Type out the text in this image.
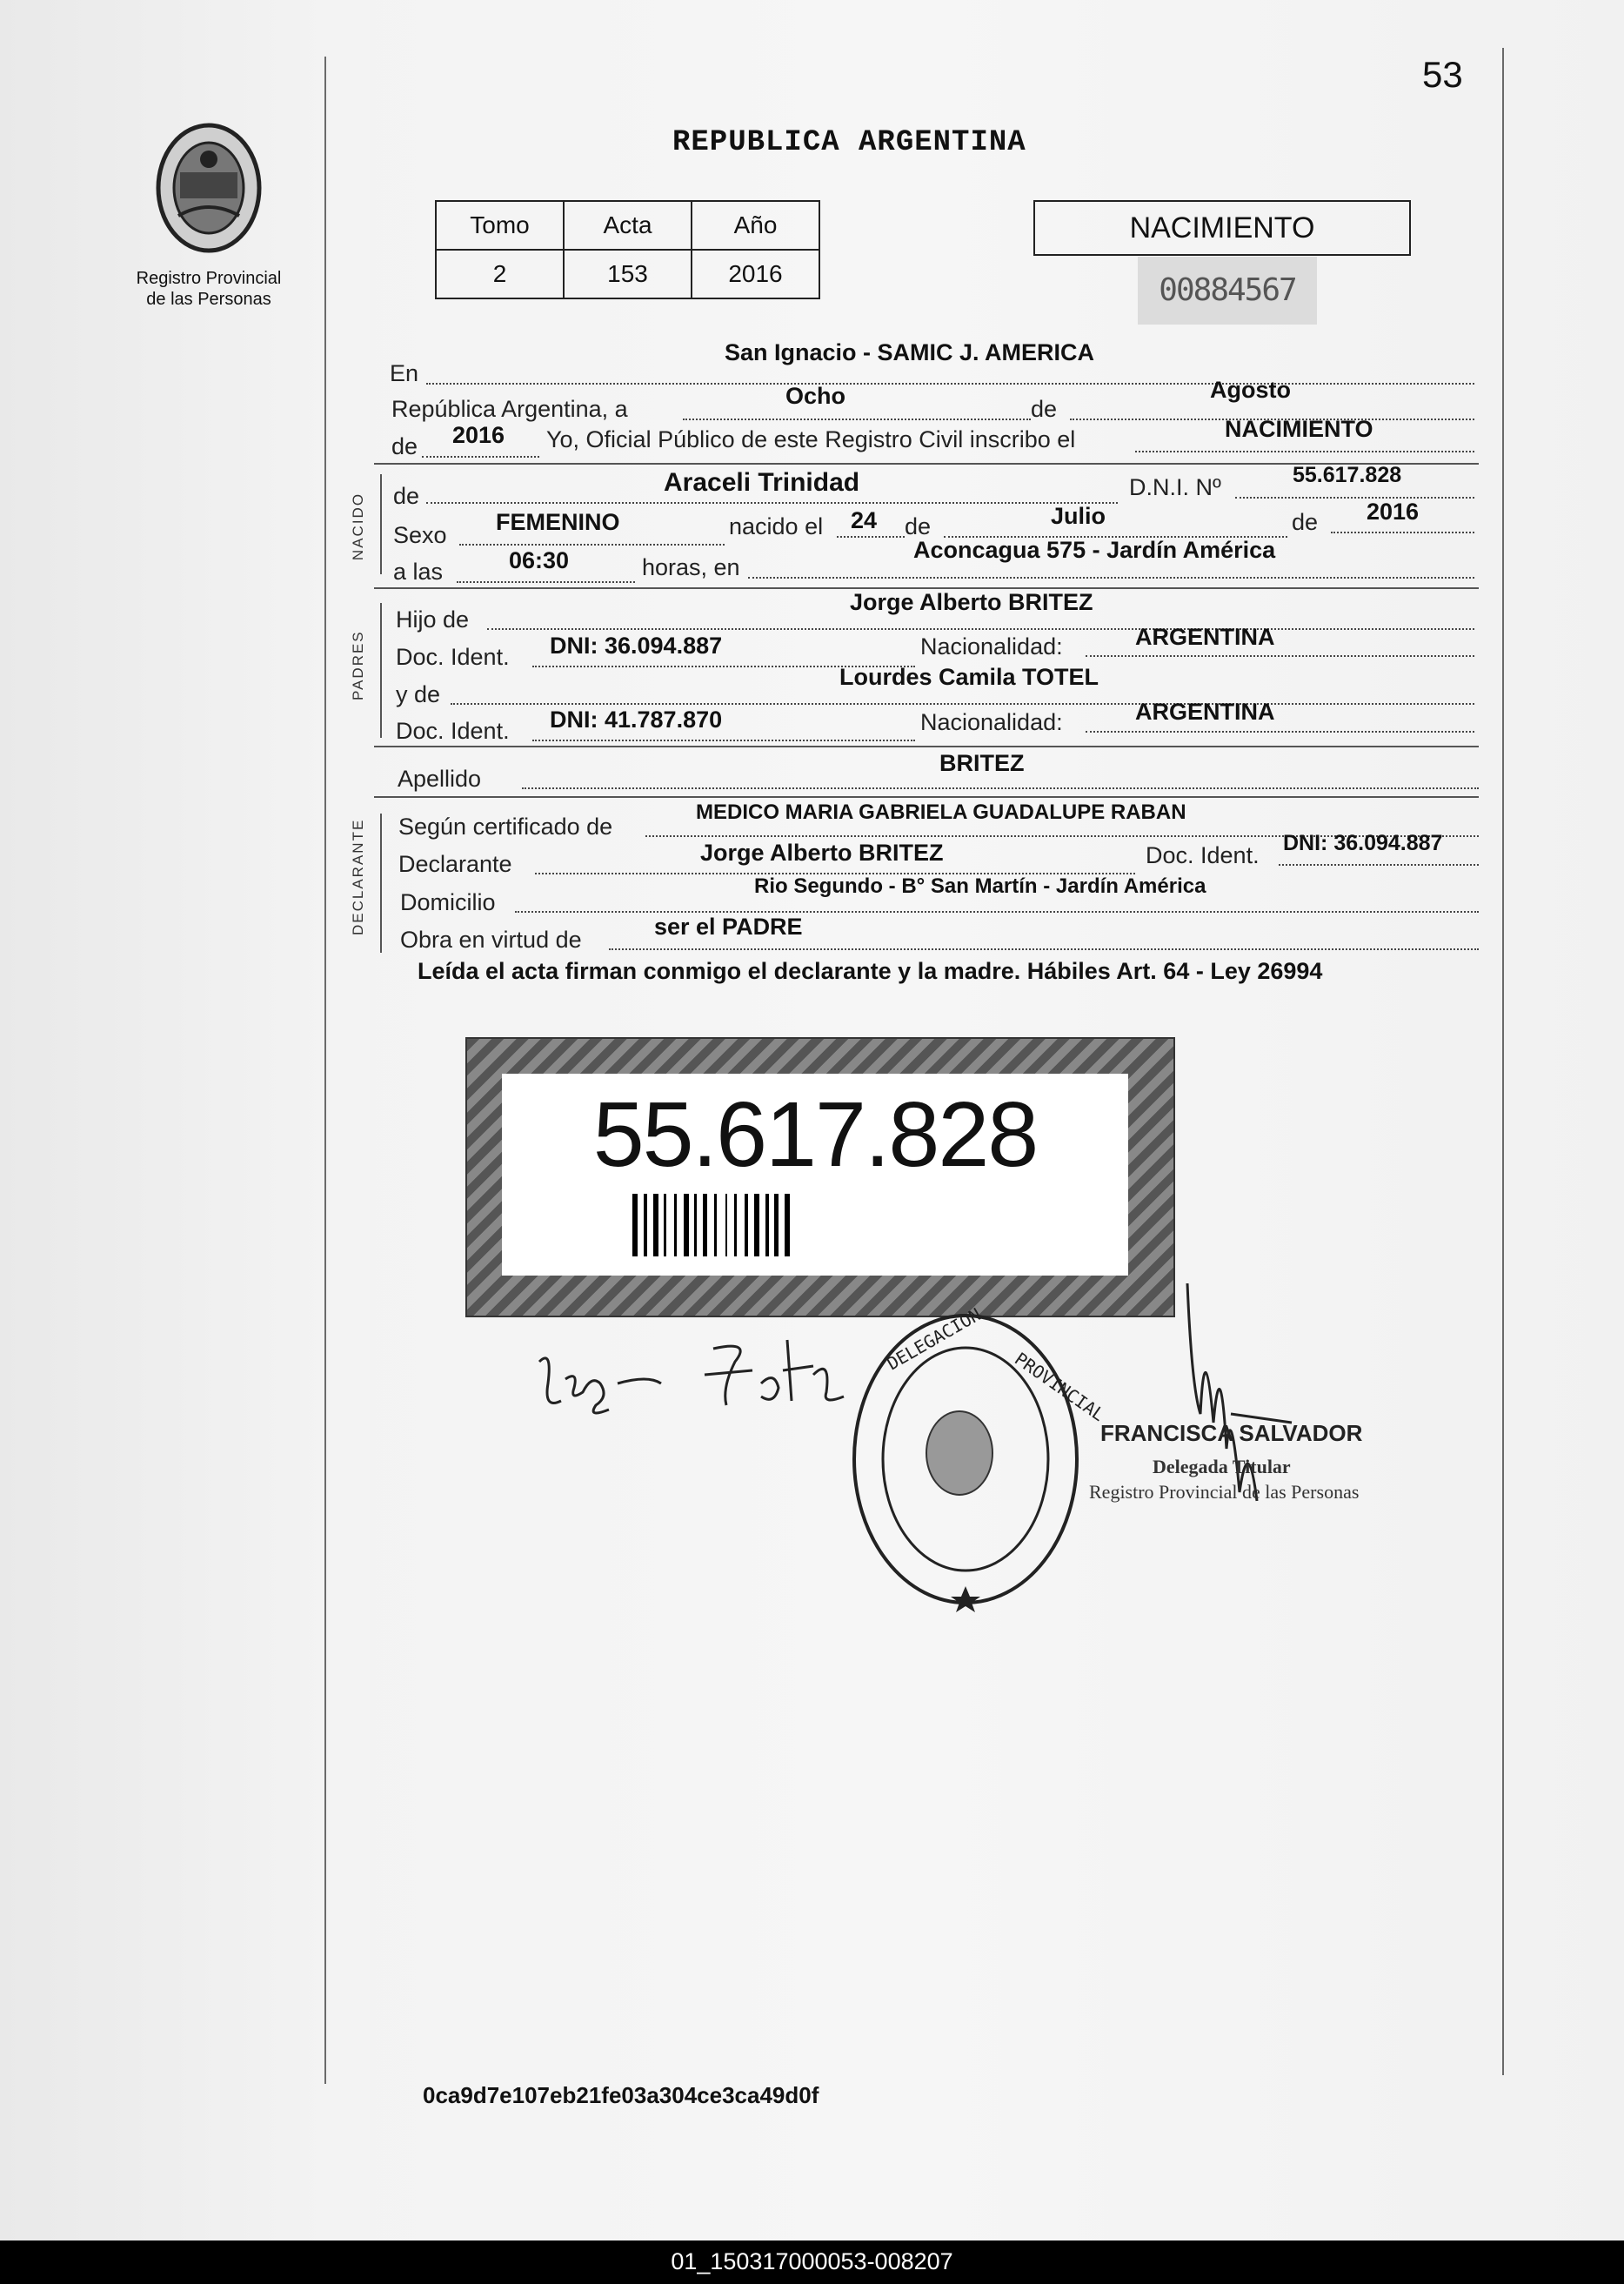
53
Registro Provincial
de las Personas
REPUBLICA ARGENTINA
Tomo	Acta	Año
2	153	2016
NACIMIENTO
00884567
En
San Ignacio - SAMIC J. AMERICA
República Argentina, a	Ocho	de
Agosto
de 2016 Yo, Oficial Público de este Registro Civil inscribo el	NACIMIENTO
NACIDO de	Araceli Trinidad	D.N.I. Nº	55.617.828
Sexo FEMENINO	nacido el 24 de	Julio	de 2016
a las	06:30	horas, en
Aconcagua 575 - Jardín América
PADRES
Hijo de
Jorge Alberto BRITEZ
Doc. Ident. DNI: 36.094.887	Nacionalidad:	ARGENTINA
y de
Lourdes Camila TOTEL
Doc. Ident. DNI: 41.787.870	Nacionalidad:	ARGENTINA
Apellido
BRITEZ
DECLARANTE Según certificado de
MEDICO MARIA GABRIELA GUADALUPE RABAN
Declarante	Jorge Alberto BRITEZ	Doc. Ident. DNI: 36.094.887
Domicilio
Rio Segundo - B° San Martín - Jardín América
Obra en virtud de	ser el PADRE
Leída el acta firman conmigo el declarante y la madre. Hábiles Art. 64 - Ley 26994
55.617.828
DELEGACION
PROVINCIAL
FRANCISCA SALVADOR
Delegada Titular
Registro Provincial de las Personas
0ca9d7e107eb21fe03a304ce3ca49d0f
01_150317000053-008207
